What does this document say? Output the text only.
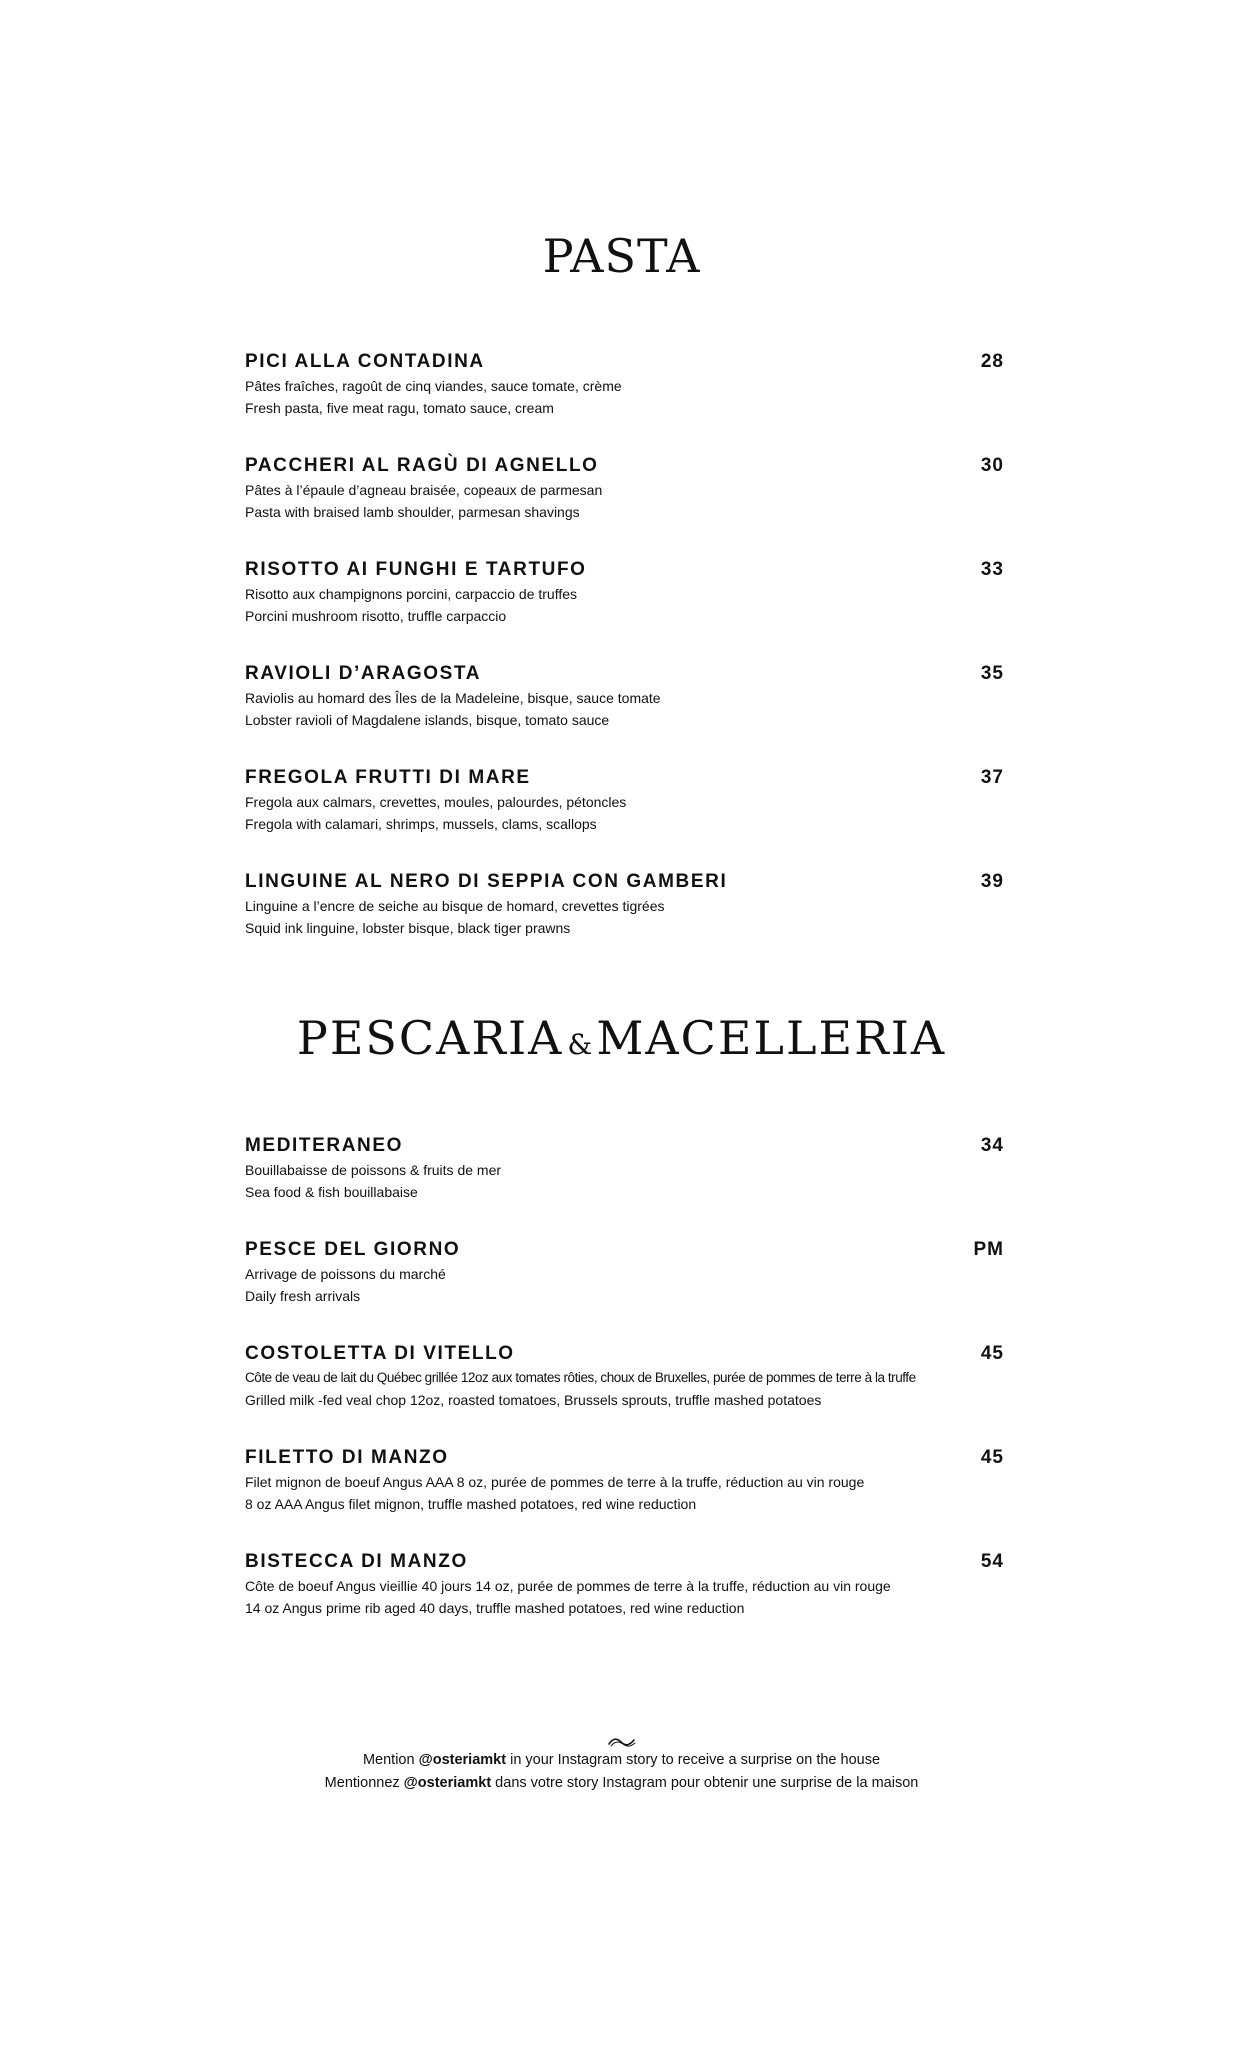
PASTA
PICI ALLA CONTADINA	28
Pâtes fraîches, ragoût de cinq viandes, sauce tomate, crème
Fresh pasta, five meat ragu, tomato sauce, cream
PACCHERI AL RAGÙ DI AGNELLO	30
Pâtes à l’épaule d’agneau braisée, copeaux de parmesan
Pasta with braised lamb shoulder, parmesan shavings
RISOTTO AI FUNGHI E TARTUFO	33
Risotto aux champignons porcini, carpaccio de truffes
Porcini mushroom risotto, truffle carpaccio
RAVIOLI D’ARAGOSTA	35
Raviolis au homard des Îles de la Madeleine, bisque, sauce tomate
Lobster ravioli of Magdalene islands, bisque, tomato sauce
FREGOLA FRUTTI DI MARE	37
Fregola aux calmars, crevettes, moules, palourdes, pétoncles
Fregola with calamari, shrimps, mussels, clams, scallops
LINGUINE AL NERO DI SEPPIA CON GAMBERI	39
Linguine a l’encre de seiche au bisque de homard, crevettes tigrées
Squid ink linguine, lobster bisque, black tiger prawns
PESCARIA &MACELLERIA
MEDITERANEO	34
Bouillabaisse de poissons & fruits de mer
Sea food & fish bouillabaise
PESCE DEL GIORNO	PM
Arrivage de poissons du marché
Daily fresh arrivals
COSTOLETTA DI VITELLO	45
Côte de veau de lait du Québec grillée 12oz aux tomates rôties, choux de Bruxelles, purée de pommes de terre à la truffe
Grilled milk -fed veal chop 12oz, roasted tomatoes, Brussels sprouts, truffle mashed potatoes
FILETTO DI MANZO	45
Filet mignon de boeuf Angus AAA 8 oz, purée de pommes de terre à la truffe, réduction au vin rouge
8 oz AAA Angus filet mignon, truffle mashed potatoes, red wine reduction
BISTECCA DI MANZO	54
Côte de boeuf Angus vieillie 40 jours 14 oz, purée de pommes de terre à la truffe, réduction au vin rouge
14 oz Angus prime rib aged 40 days, truffle mashed potatoes, red wine reduction
Mention @osteriamkt in your Instagram story to receive a surprise on the house
Mentionnez @osteriamkt dans votre story Instagram pour obtenir une surprise de la maison
